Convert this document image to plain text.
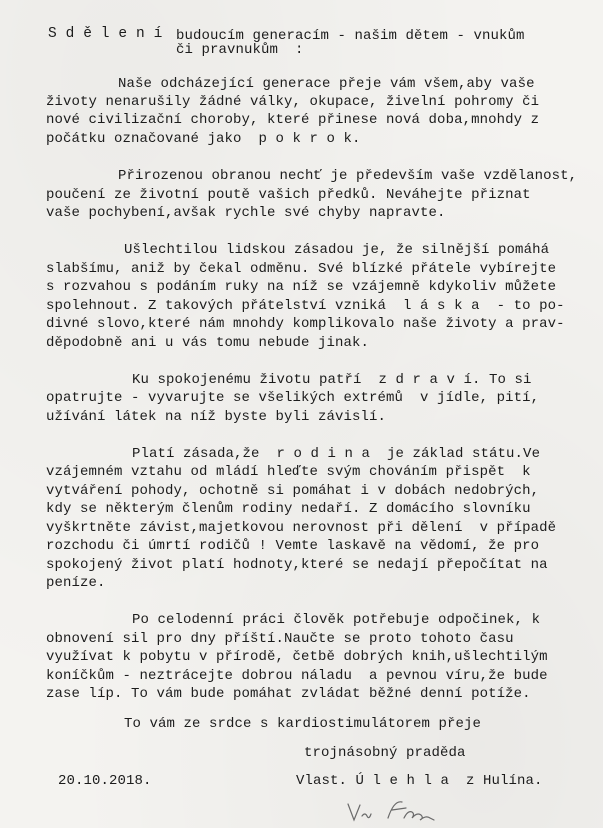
S d ě l e n í budoucím generacím - našim dětem - vnukům
či pravnukům  :
Naše odcházející generace přeje vám všem,aby vaše
životy nenarušily žádné války, okupace, živelní pohromy či
nové civilizační choroby, které přinese nová doba,mnohdy z
počátku označované jako  p o k r o k.
Přirozenou obranou nechť je především vaše vzdělanost,
poučení ze životní poutě vašich předků. Neváhejte přiznat
vaše pochybení,avšak rychle své chyby napravte.
Ušlechtilou lidskou zásadou je, že silnější pomáhá
slabšímu, aniž by čekal odměnu. Své blízké přátele vybírejte
s rozvahou s podáním ruky na níž se vzájemně kdykoliv můžete
spolehnout. Z takových přátelství vzniká  l á s k a  - to po-
divné slovo,které nám mnohdy komplikovalo naše životy a prav-
děpodobně ani u vás tomu nebude jinak.
Ku spokojenému životu patří  z d r a v í. To si
opatrujte - vyvarujte se všelikých extrémů  v jídle, pití,
užívání látek na níž byste byli závislí.
Platí zásada,že  r o d i n a  je základ státu.Ve
vzájemném vztahu od mládí hleďte svým chováním přispět  k
vytváření pohody, ochotně si pomáhat i v dobách nedobrých,
kdy se některým členům rodiny nedaří. Z domácího slovníku
vyškrtněte závist,majetkovou nerovnost při dělení  v případě
rozchodu či úmrtí rodičů ! Vemte laskavě na vědomí, že pro
spokojený život platí hodnoty,které se nedají přepočítat na
peníze.
Po celodenní práci člověk potřebuje odpočinek, k
obnovení sil pro dny příští.Naučte se proto tohoto času
využívat k pobytu v přírodě, četbě dobrých knih,ušlechtilým
koníčkům - neztrácejte dobrou náladu  a pevnou víru,že bude
zase líp. To vám bude pomáhat zvládat běžné denní potíže.
To vám ze srdce s kardiostimulátorem přeje
trojnásobný praděda
20.10.2018.	Vlast. Ú l e h l a  z Hulína.
